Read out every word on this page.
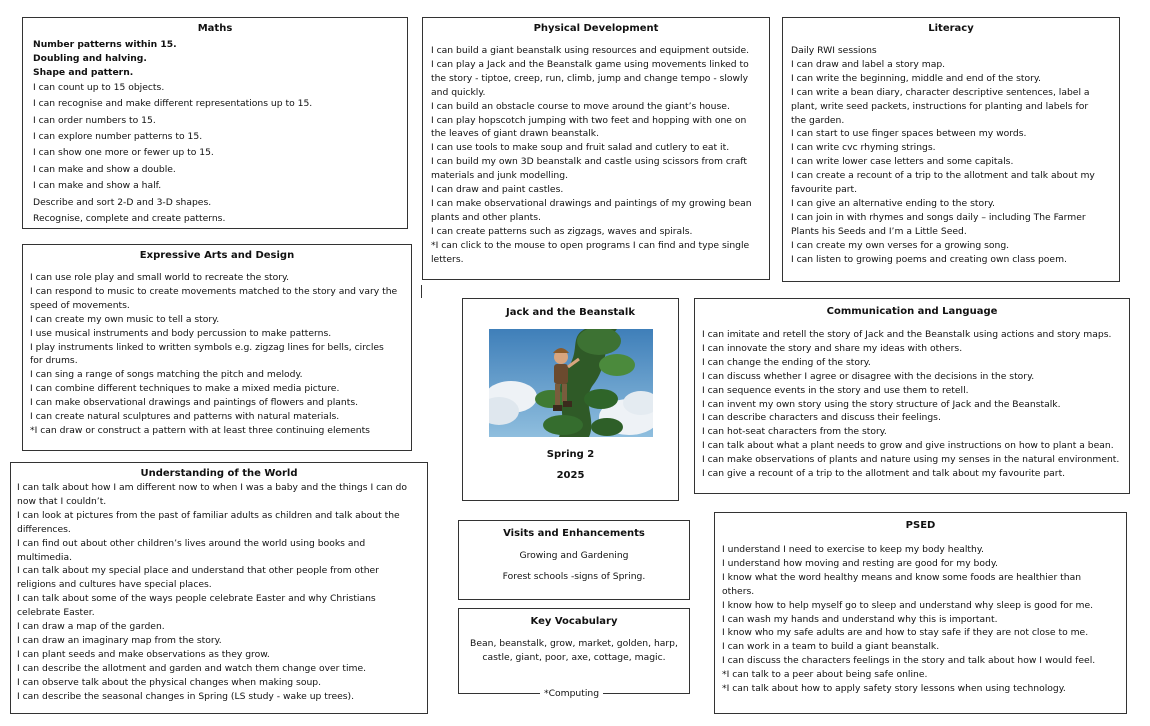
Maths
Number patterns within 15.
Doubling and halving.
Shape and pattern.
I can count up to 15 objects.
I can recognise and make different representations up to 15.
I can order numbers to 15.
I can explore number patterns to 15.
I can show one more or fewer up to 15.
I can make and show a double.
I can make and show a half.
Describe and sort 2-D and 3-D shapes.
Recognise, complete and create patterns.
Physical Development
I can build a giant beanstalk using resources and equipment outside.
I can play a Jack and the Beanstalk game using movements linked to
the story - tiptoe, creep, run, climb, jump and change tempo - slowly
and quickly.
I can build an obstacle course to move around the giant’s house.
I can play hopscotch jumping with two feet and hopping with one on
the leaves of giant drawn beanstalk.
I can use tools to make soup and fruit salad and cutlery to eat it.
I can build my own 3D beanstalk and castle using scissors from craft
materials and junk modelling.
I can draw and paint castles.
I can make observational drawings and paintings of my growing bean
plants and other plants.
I can create patterns such as zigzags, waves and spirals.
*I can click to the mouse to open programs I can find and type single
letters.
Literacy
Daily RWI sessions
I can draw and label a story map.
I can write the beginning, middle and end of the story.
I can write a bean diary, character descriptive sentences, label a
plant, write seed packets, instructions for planting and labels for
the garden.
I can start to use finger spaces between my words.
I can write cvc rhyming strings.
I can write lower case letters and some capitals.
I can create a recount of a trip to the allotment and talk about my
favourite part.
I can give an alternative ending to the story.
I can join in with rhymes and songs daily – including The Farmer
Plants his Seeds and I’m a Little Seed.
I can create my own verses for a growing song.
I can listen to growing poems and creating own class poem.
Expressive Arts and Design
I can use role play and small world to recreate the story.
I can respond to music to create movements matched to the story and vary the
speed of movements.
I can create my own music to tell a story.
I use musical instruments and body percussion to make patterns.
I play instruments linked to written symbols e.g. zigzag lines for bells, circles
for drums.
I can sing a range of songs matching the pitch and melody.
I can combine different techniques to make a mixed media picture.
I can make observational drawings and paintings of flowers and plants.
I can create natural sculptures and patterns with natural materials.
*I can draw or construct a pattern with at least three continuing elements
Jack and the Beanstalk

Spring 2

2025

Communication and Language
I can imitate and retell the story of Jack and the Beanstalk using actions and story maps.
I can innovate the story and share my ideas with others.
I can change the ending of the story.
I can discuss whether I agree or disagree with the decisions in the story.
I can sequence events in the story and use them to retell.
I can invent my own story using the story structure of Jack and the Beanstalk.
I can describe characters and discuss their feelings.
I can hot-seat characters from the story.
I can talk about what a plant needs to grow and give instructions on how to plant a bean.
I can make observations of plants and nature using my senses in the natural environment.
I can give a recount of a trip to the allotment and talk about my favourite part.
Understanding of the World
I can talk about how I am different now to when I was a baby and the things I can do
now that I couldn’t.
I can look at pictures from the past of familiar adults as children and talk about the
differences.
I can find out about other children’s lives around the world using books and
multimedia.
I can talk about my special place and understand that other people from other
religions and cultures have special places.
I can talk about some of the ways people celebrate Easter and why Christians
celebrate Easter.
I can draw a map of the garden.
I can draw an imaginary map from the story.
I can plant seeds and make observations as they grow.
I can describe the allotment and garden and watch them change over time.
I can observe talk about the physical changes when making soup.
I can describe the seasonal changes in Spring (LS study - wake up trees).
Visits and Enhancements

Growing and Gardening

Forest schools -signs of Spring.

Key Vocabulary

Bean, beanstalk, grow, market, golden, harp,

castle, giant, poor, axe, cottage, magic.

*Computing
PSED
I understand I need to exercise to keep my body healthy.
I understand how moving and resting are good for my body.
I know what the word healthy means and know some foods are healthier than
others.
I know how to help myself go to sleep and understand why sleep is good for me.
I can wash my hands and understand why this is important.
I know who my safe adults are and how to stay safe if they are not close to me.
I can work in a team to build a giant beanstalk.
I can discuss the characters feelings in the story and talk about how I would feel.
*I can talk to a peer about being safe online.
*I can talk about how to apply safety story lessons when using technology.
